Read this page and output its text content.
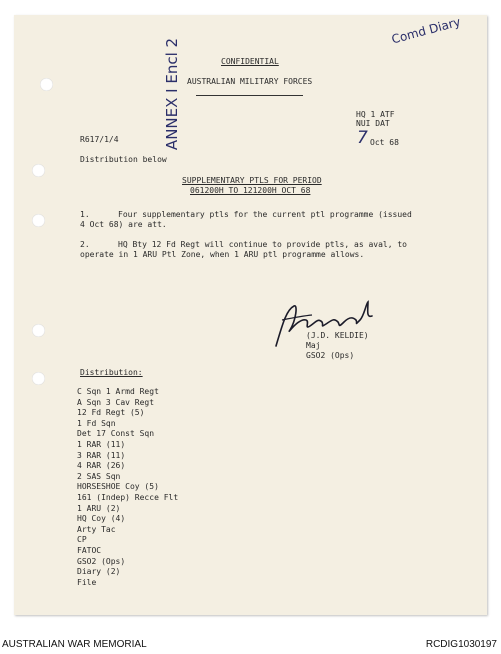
CONFIDENTIAL
AUSTRALIAN MILITARY FORCES
HQ 1 ATF
NUI DAT
7 Oct 68
R617/1/4
Distribution below
ANNEX I Encl 2
Comd Diary
SUPPLEMENTARY PTLS FOR PERIOD
061200H TO 121200H OCT 68
1.	Four supplementary ptls for the current ptl programme (issued
4 Oct 68) are att.
2.	HQ Bty 12 Fd Regt will continue to provide ptls, as aval, to
operate in 1 ARU Ptl Zone, when 1 ARU ptl programme allows.
(J.D. KELDIE)
Maj
GSO2 (Ops)
Distribution:
C Sqn 1 Armd Regt
A Sqn 3 Cav Regt
12 Fd Regt (5)
1 Fd Sqn
Det 17 Const Sqn
1 RAR (11)
3 RAR (11)
4 RAR (26)
2 SAS Sqn
HORSESHOE Coy (5)
161 (Indep) Recce Flt
1 ARU (2)
HQ Coy (4)
Arty Tac
CP
FATOC
GSO2 (Ops)
Diary (2)
File
AUSTRALIAN WAR MEMORIAL	RCDIG1030197
